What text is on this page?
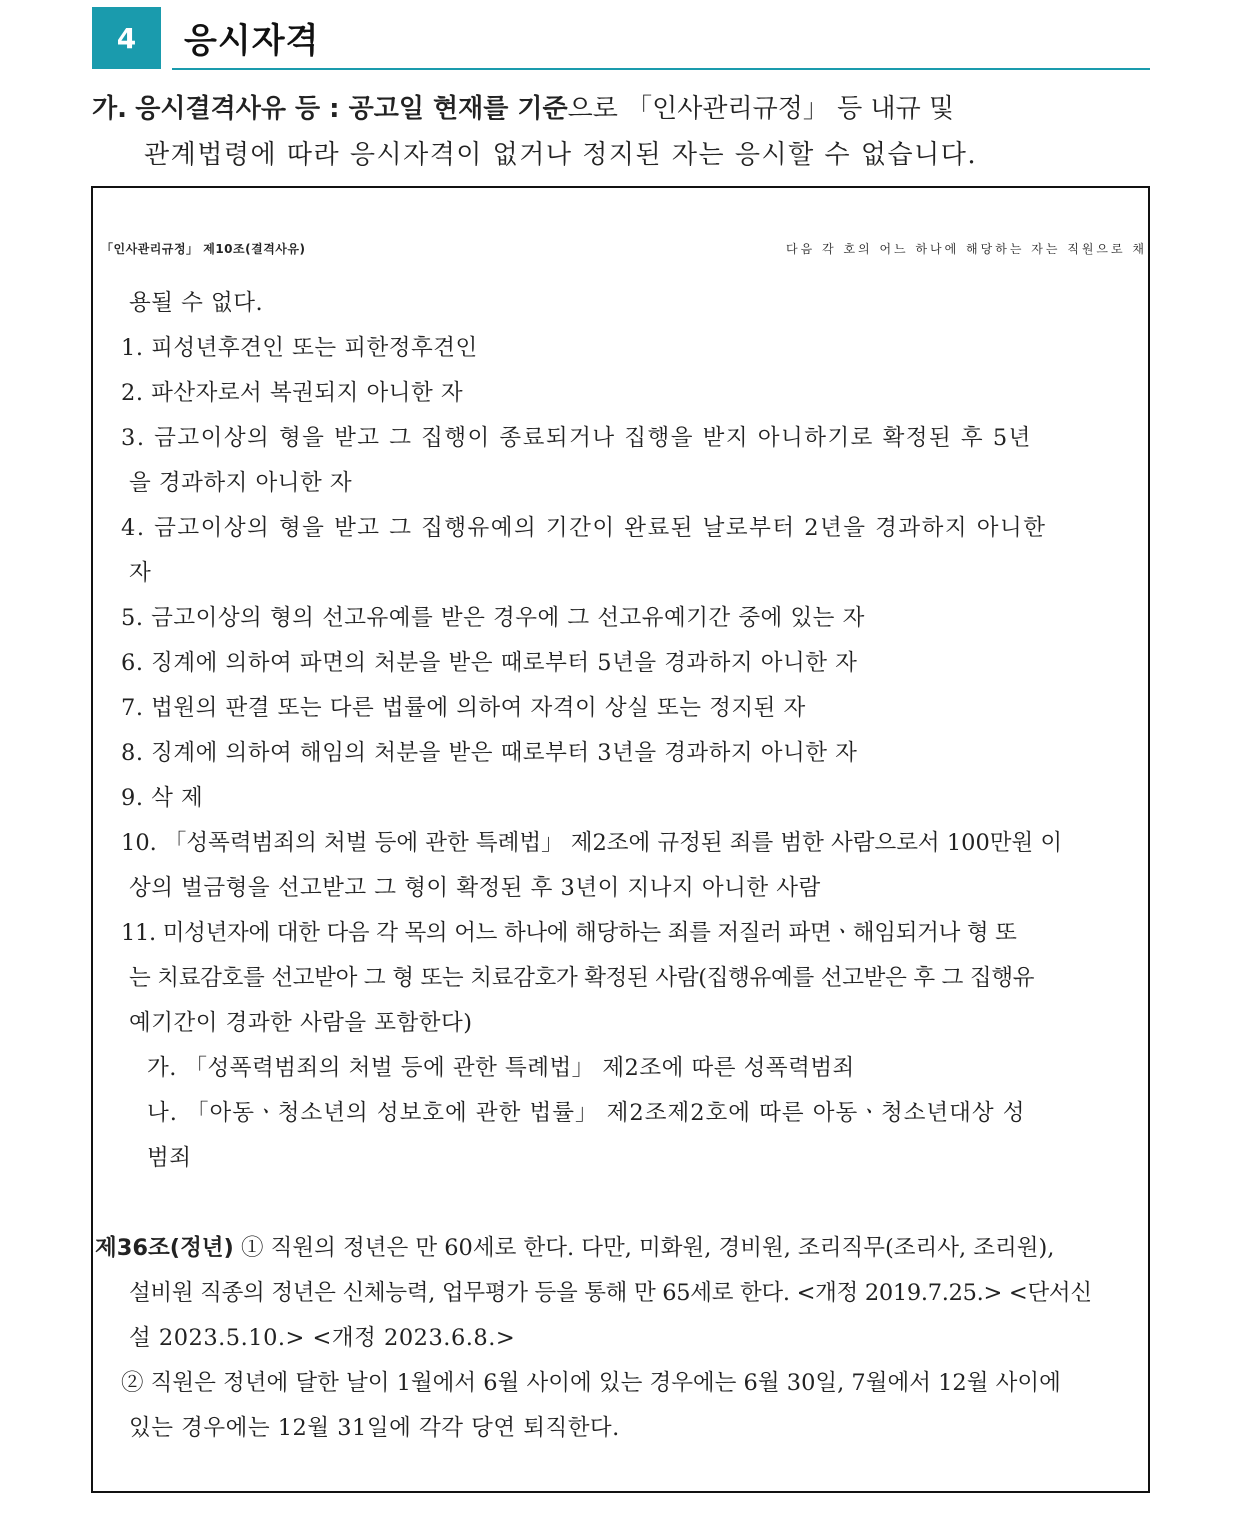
4	응시자격
가. 응시결격사유 등 : 공고일 현재를 기준으로 「인사관리규정」 등 내규 및
관계법령에 따라 응시자격이 없거나 정지된 자는 응시할 수 없습니다.
「인사관리규정」 제10조(결격사유)	다음 각 호의 어느 하나에 해당하는 자는 직원으로 채
용될 수 없다.
1. 피성년후견인 또는 피한정후견인
2. 파산자로서 복권되지 아니한 자
3. 금고이상의 형을 받고 그 집행이 종료되거나 집행을 받지 아니하기로 확정된 후 5년
을 경과하지 아니한 자
4. 금고이상의 형을 받고 그 집행유예의 기간이 완료된 날로부터 2년을 경과하지 아니한
자
5. 금고이상의 형의 선고유예를 받은 경우에 그 선고유예기간 중에 있는 자
6. 징계에 의하여 파면의 처분을 받은 때로부터 5년을 경과하지 아니한 자
7. 법원의 판결 또는 다른 법률에 의하여 자격이 상실 또는 정지된 자
8. 징계에 의하여 해임의 처분을 받은 때로부터 3년을 경과하지 아니한 자
9. 삭 제
10. 「성폭력범죄의 처벌 등에 관한 특례법」 제2조에 규정된 죄를 범한 사람으로서 100만원 이
상의 벌금형을 선고받고 그 형이 확정된 후 3년이 지나지 아니한 사람
11. 미성년자에 대한 다음 각 목의 어느 하나에 해당하는 죄를 저질러 파면ㆍ해임되거나 형 또
는 치료감호를 선고받아 그 형 또는 치료감호가 확정된 사람(집행유예를 선고받은 후 그 집행유
예기간이 경과한 사람을 포함한다)
가. 「성폭력범죄의 처벌 등에 관한 특례법」 제2조에 따른 성폭력범죄
나. 「아동ㆍ청소년의 성보호에 관한 법률」 제2조제2호에 따른 아동ㆍ청소년대상 성
범죄
제36조(정년) ① 직원의 정년은 만 60세로 한다. 다만, 미화원, 경비원, 조리직무(조리사, 조리원),
설비원 직종의 정년은 신체능력, 업무평가 등을 통해 만 65세로 한다. <개정 2019.7.25.> <단서신
설 2023.5.10.> <개정 2023.6.8.>
② 직원은 정년에 달한 날이 1월에서 6월 사이에 있는 경우에는 6월 30일, 7월에서 12월 사이에
있는 경우에는 12월 31일에 각각 당연 퇴직한다.
